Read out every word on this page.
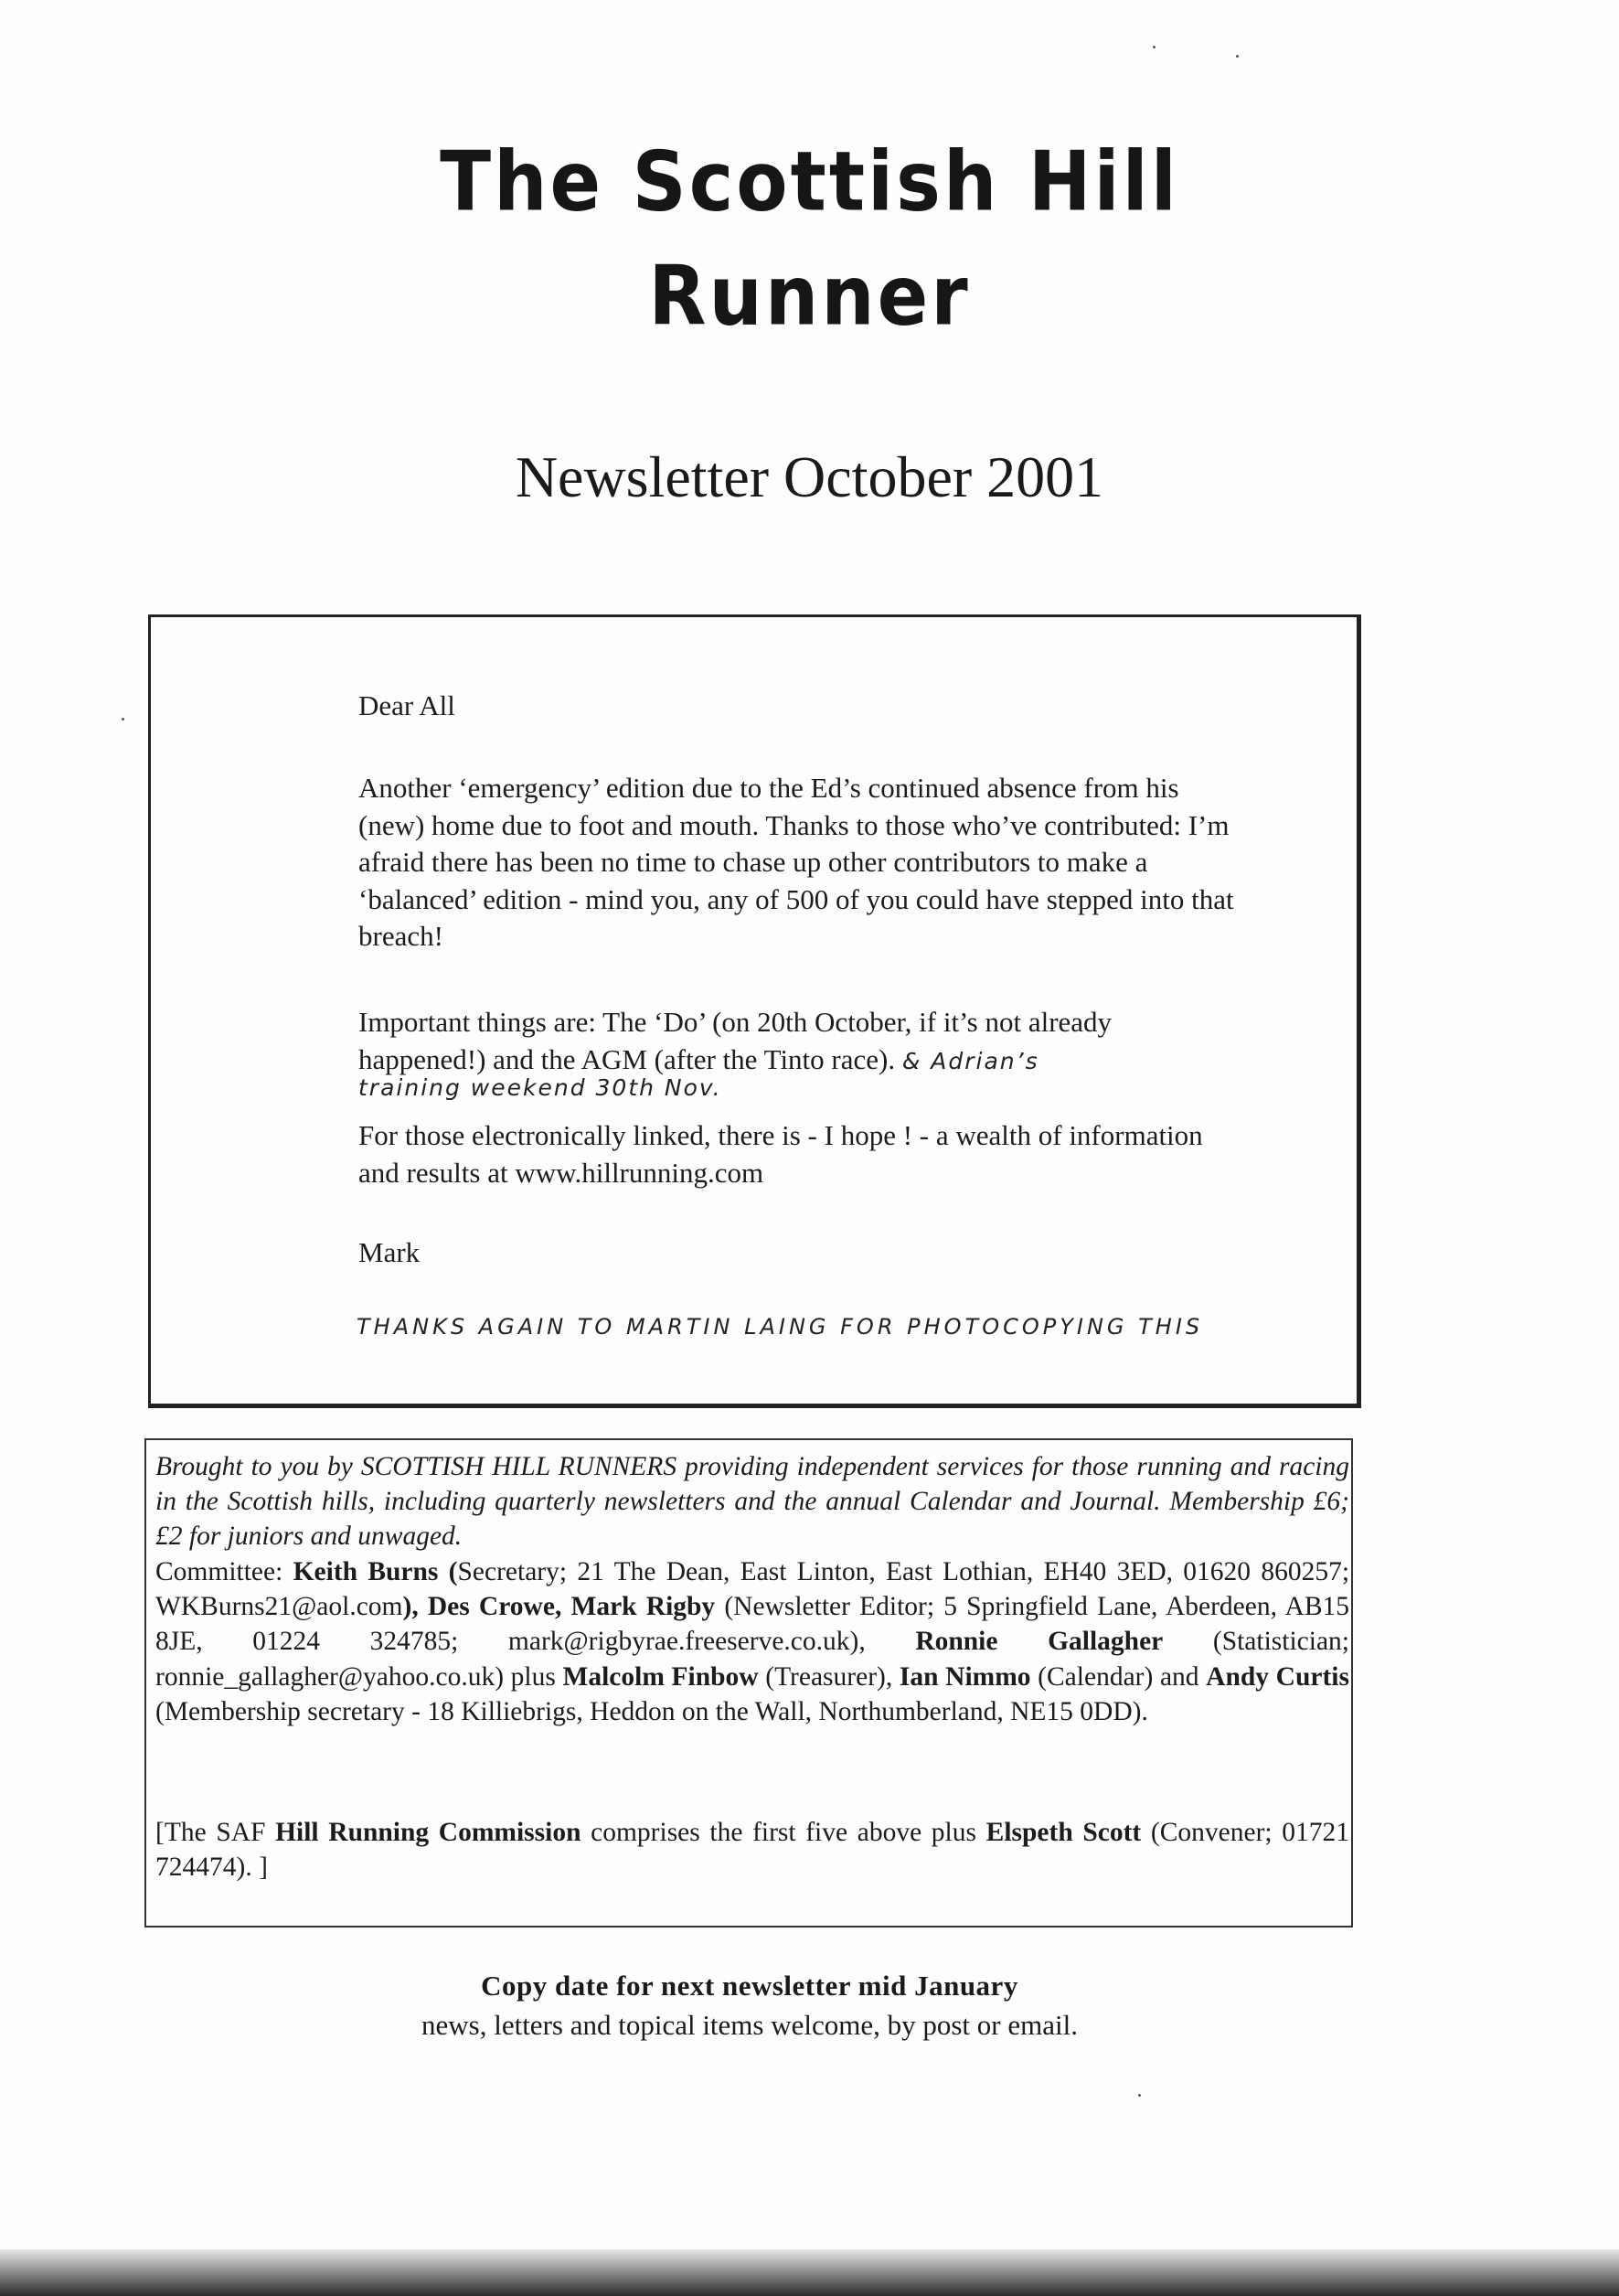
The Scottish Hill
Runner
Newsletter October 2001
Dear All
Another ‘emergency’ edition due to the Ed’s continued absence from his (new) home due to foot and mouth. Thanks to those who’ve contributed: I’m afraid there has been no time to chase up other contributors to make a ‘balanced’ edition - mind you, any of 500 of you could have stepped into that breach!
Important things are: The ‘Do’ (on 20th October, if it’s not already happened!) and the AGM (after the Tinto race). & Adrian’s
training weekend 30th Nov.
For those electronically linked, there is - I hope ! - a wealth of information and results at www.hillrunning.com
Mark
THANKS AGAIN TO MARTIN LAING FOR PHOTOCOPYING THIS
Brought to you by SCOTTISH HILL RUNNERS providing independent services for those running and racing in the Scottish hills, including quarterly newsletters and the annual Calendar and Journal. Membership £6; £2 for juniors and unwaged.
Committee: Keith Burns (Secretary; 21 The Dean, East Linton, East Lothian, EH40 3ED, 01620 860257; WKBurns21@aol.com), Des Crowe, Mark Rigby (Newsletter Editor; 5 Springfield Lane, Aberdeen, AB15 8JE, 01224 324785; mark@rigbyrae.freeserve.co.uk), Ronnie Gallagher (Statistician; ronnie_gallagher@yahoo.co.uk) plus Malcolm Finbow (Treasurer), Ian Nimmo (Calendar) and Andy Curtis (Membership secretary - 18 Killiebrigs, Heddon on the Wall, Northumberland, NE15 0DD).
[The SAF Hill Running Commission comprises the first five above plus Elspeth Scott (Convener; 01721 724474). ]
Copy date for next newsletter mid January
news, letters and topical items welcome, by post or email.
